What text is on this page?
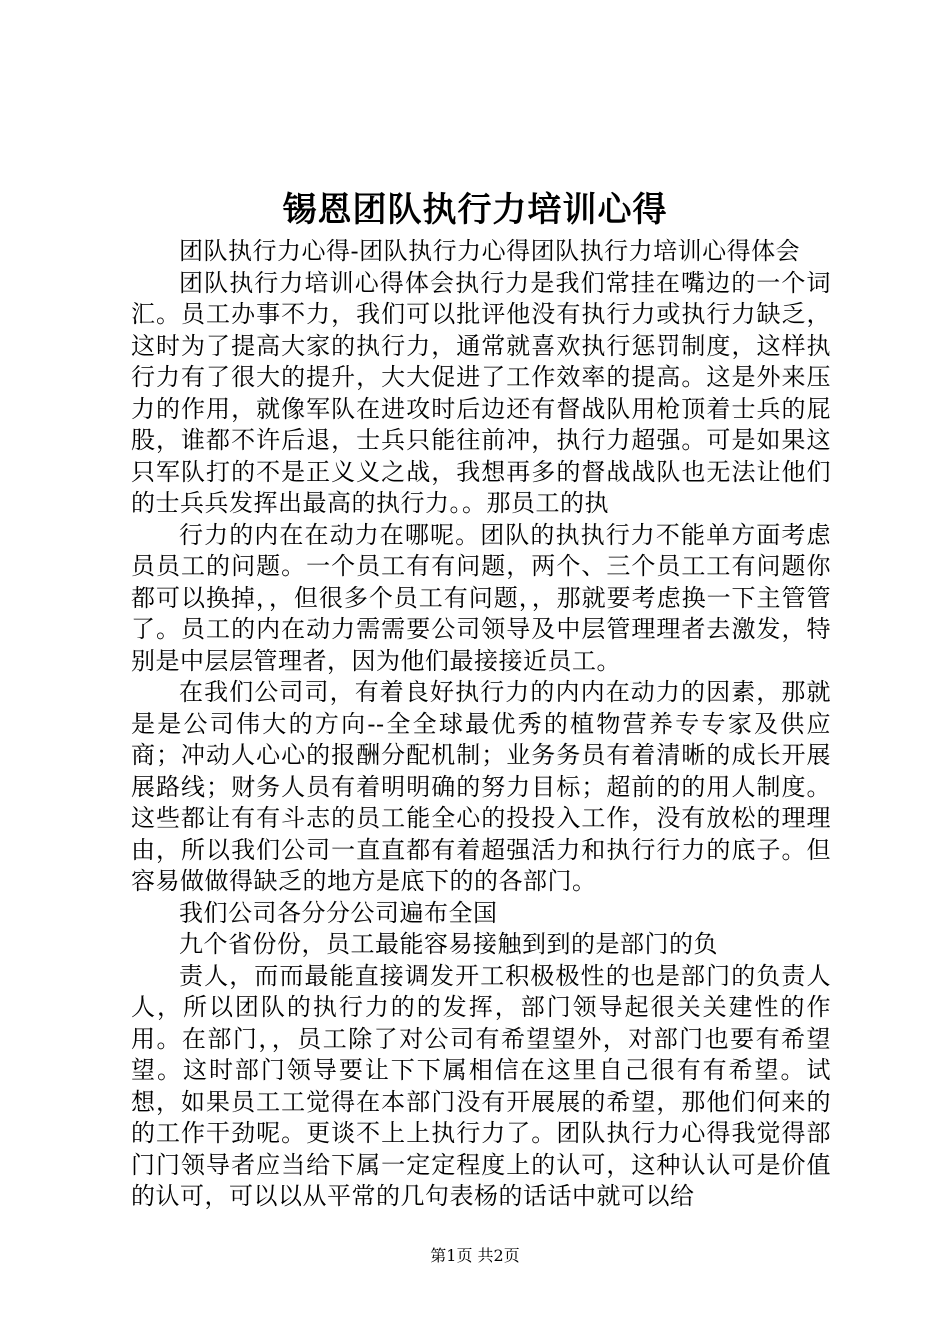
锡恩团队执行力培训心得

团队执行力心得-团队执行力心得团队执行力培训心得体会

团队执行力培训心得体会执行力是我们常挂在嘴边的一个词汇。员工办事不力，我们可以批评他没有执行力或执行力缺乏，这时为了提高大家的执行力，通常就喜欢执行惩罚制度，这样执行力有了很大的提升，大大促进了工作效率的提高。这是外来压力的作用，就像军队在进攻时后边还有督战队用枪顶着士兵的屁股，谁都不许后退，士兵只能往前冲，执行力超强。可是如果这只军队打的不是正义义之战，我想再多的督战战队也无法让他们的士兵兵发挥出最高的执行力。。那员工的执

行力的内在在动力在哪呢。团队的执执行力不能单方面考虑员员工的问题。一个员工有有问题，两个、三个员工工有问题你都可以换掉，，但很多个员工有问题，，那就要考虑换一下主管管了。员工的内在动力需需要公司领导及中层管理理者去激发，特别是中层层管理者，因为他们最接接近员工。

在我们公司司，有着良好执行力的内内在动力的因素，那就是是公司伟大的方向--全全球最优秀的植物营养专专家及供应商；冲动人心心的报酬分配机制；业务务员有着清晰的成长开展展路线；财务人员有着明明确的努力目标；超前的的用人制度。这些都让有有斗志的员工能全心的投投入工作，没有放松的理理由，所以我们公司一直直都有着超强活力和执行行力的底子。但容易做做得缺乏的地方是底下的的各部门。

我们公司各分分公司遍布全国

九个省份份，员工最能容易接触到到的是部门的负

责人，而而最能直接调发开工积极极性的也是部门的负责人人，所以团队的执行力的的发挥，部门领导起很关关建性的作用。在部门，，员工除了对公司有希望望外，对部门也要有希望望。这时部门领导要让下下属相信在这里自己很有有希望。试想，如果员工工觉得在本部门没有开展展的希望，那他们何来的的工作干劲呢。更谈不上上执行力了。团队执行力心得我觉得部门门领导者应当给下属一定定程度上的认可，这种认认可是价值的认可，可以以从平常的几句表杨的话话中就可以给

第1页 共2页
